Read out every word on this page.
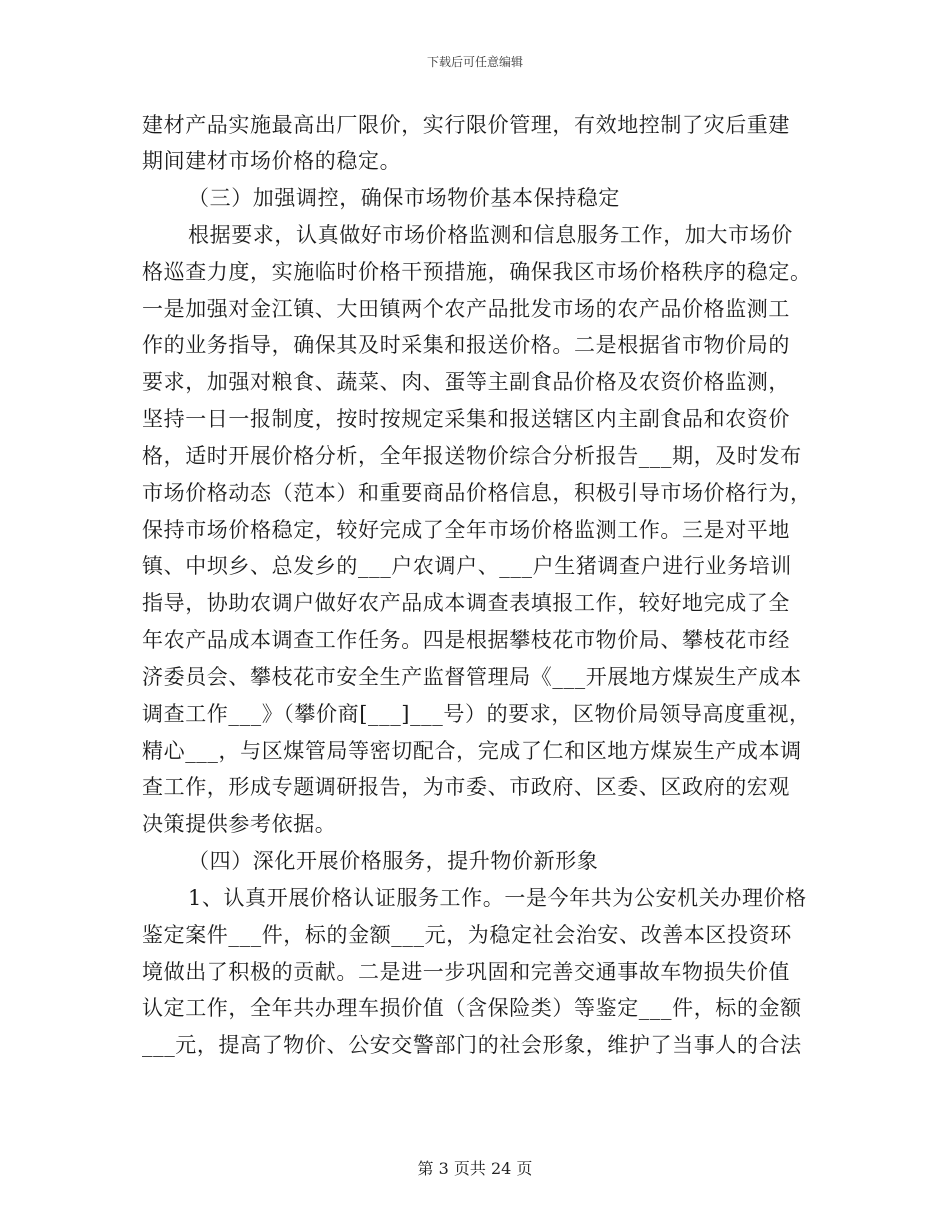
下载后可任意编辑
建材产品实施最高出厂限价，实行限价管理，有效地控制了灾后重建
期间建材市场价格的稳定。
（三）加强调控，确保市场物价基本保持稳定
根据要求，认真做好市场价格监测和信息服务工作，加大市场价
格巡查力度，实施临时价格干预措施，确保我区市场价格秩序的稳定。
一是加强对金江镇、大田镇两个农产品批发市场的农产品价格监测工
作的业务指导，确保其及时采集和报送价格。二是根据省市物价局的
要求，加强对粮食、蔬菜、肉、蛋等主副食品价格及农资价格监测，
坚持一日一报制度，按时按规定采集和报送辖区内主副食品和农资价
格，适时开展价格分析，全年报送物价综合分析报告___期，及时发布
市场价格动态（范本）和重要商品价格信息，积极引导市场价格行为，
保持市场价格稳定，较好完成了全年市场价格监测工作。三是对平地
镇、中坝乡、总发乡的___户农调户、___户生猪调查户进行业务培训
指导，协助农调户做好农产品成本调查表填报工作，较好地完成了全
年农产品成本调查工作任务。四是根据攀枝花市物价局、攀枝花市经
济委员会、攀枝花市安全生产监督管理局《___开展地方煤炭生产成本
调查工作___》（攀价商[___]___号）的要求，区物价局领导高度重视，
精心___，与区煤管局等密切配合，完成了仁和区地方煤炭生产成本调
查工作，形成专题调研报告，为市委、市政府、区委、区政府的宏观
决策提供参考依据。
（四）深化开展价格服务，提升物价新形象
1、认真开展价格认证服务工作。一是今年共为公安机关办理价格
鉴定案件___件，标的金额___元，为稳定社会治安、改善本区投资环
境做出了积极的贡献。二是进一步巩固和完善交通事故车物损失价值
认定工作，全年共办理车损价值（含保险类）等鉴定___件，标的金额
___元，提高了物价、公安交警部门的社会形象，维护了当事人的合法
第 3 页共 24 页
